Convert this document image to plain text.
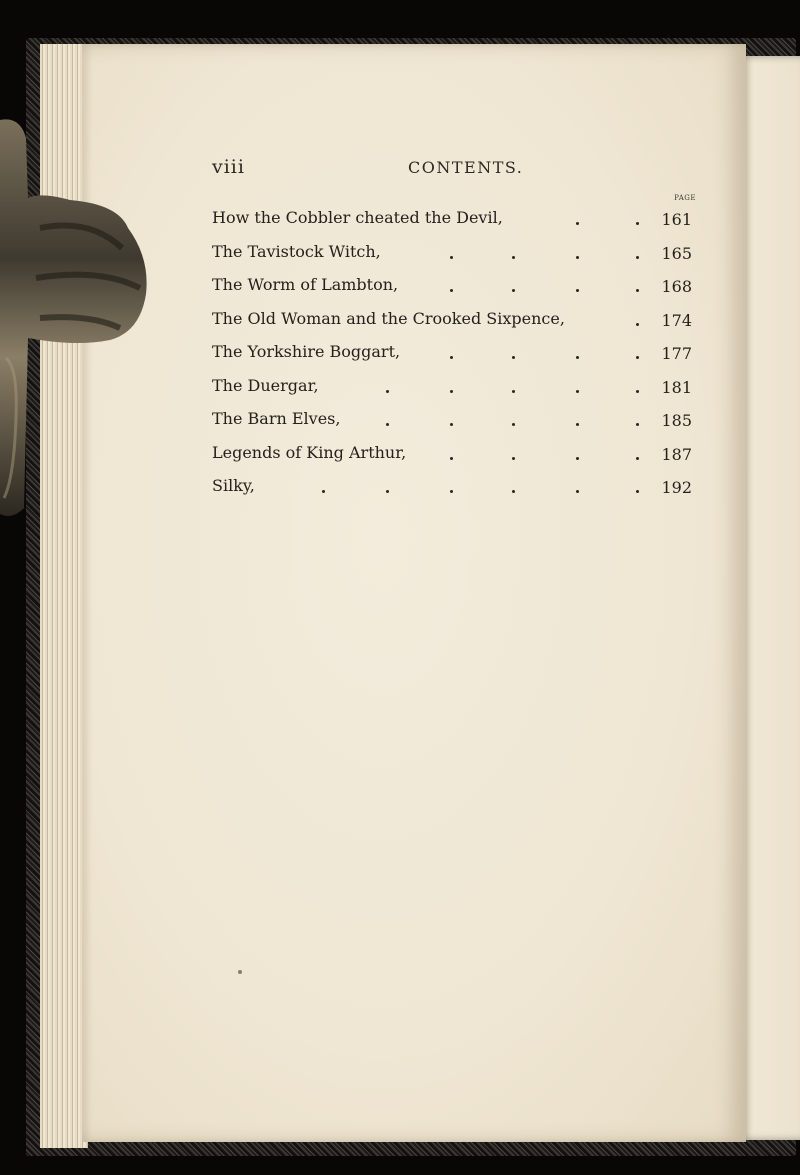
viii	CONTENTS.
PAGE
How the Cobbler cheated the Devil,	161
The Tavistock Witch,	165
The Worm of Lambton,	168
The Old Woman and the Crooked Sixpence,	174
The Yorkshire Boggart,	177
The Duergar,	181
The Barn Elves,	185
Legends of King Arthur,	187
Silky,	192
